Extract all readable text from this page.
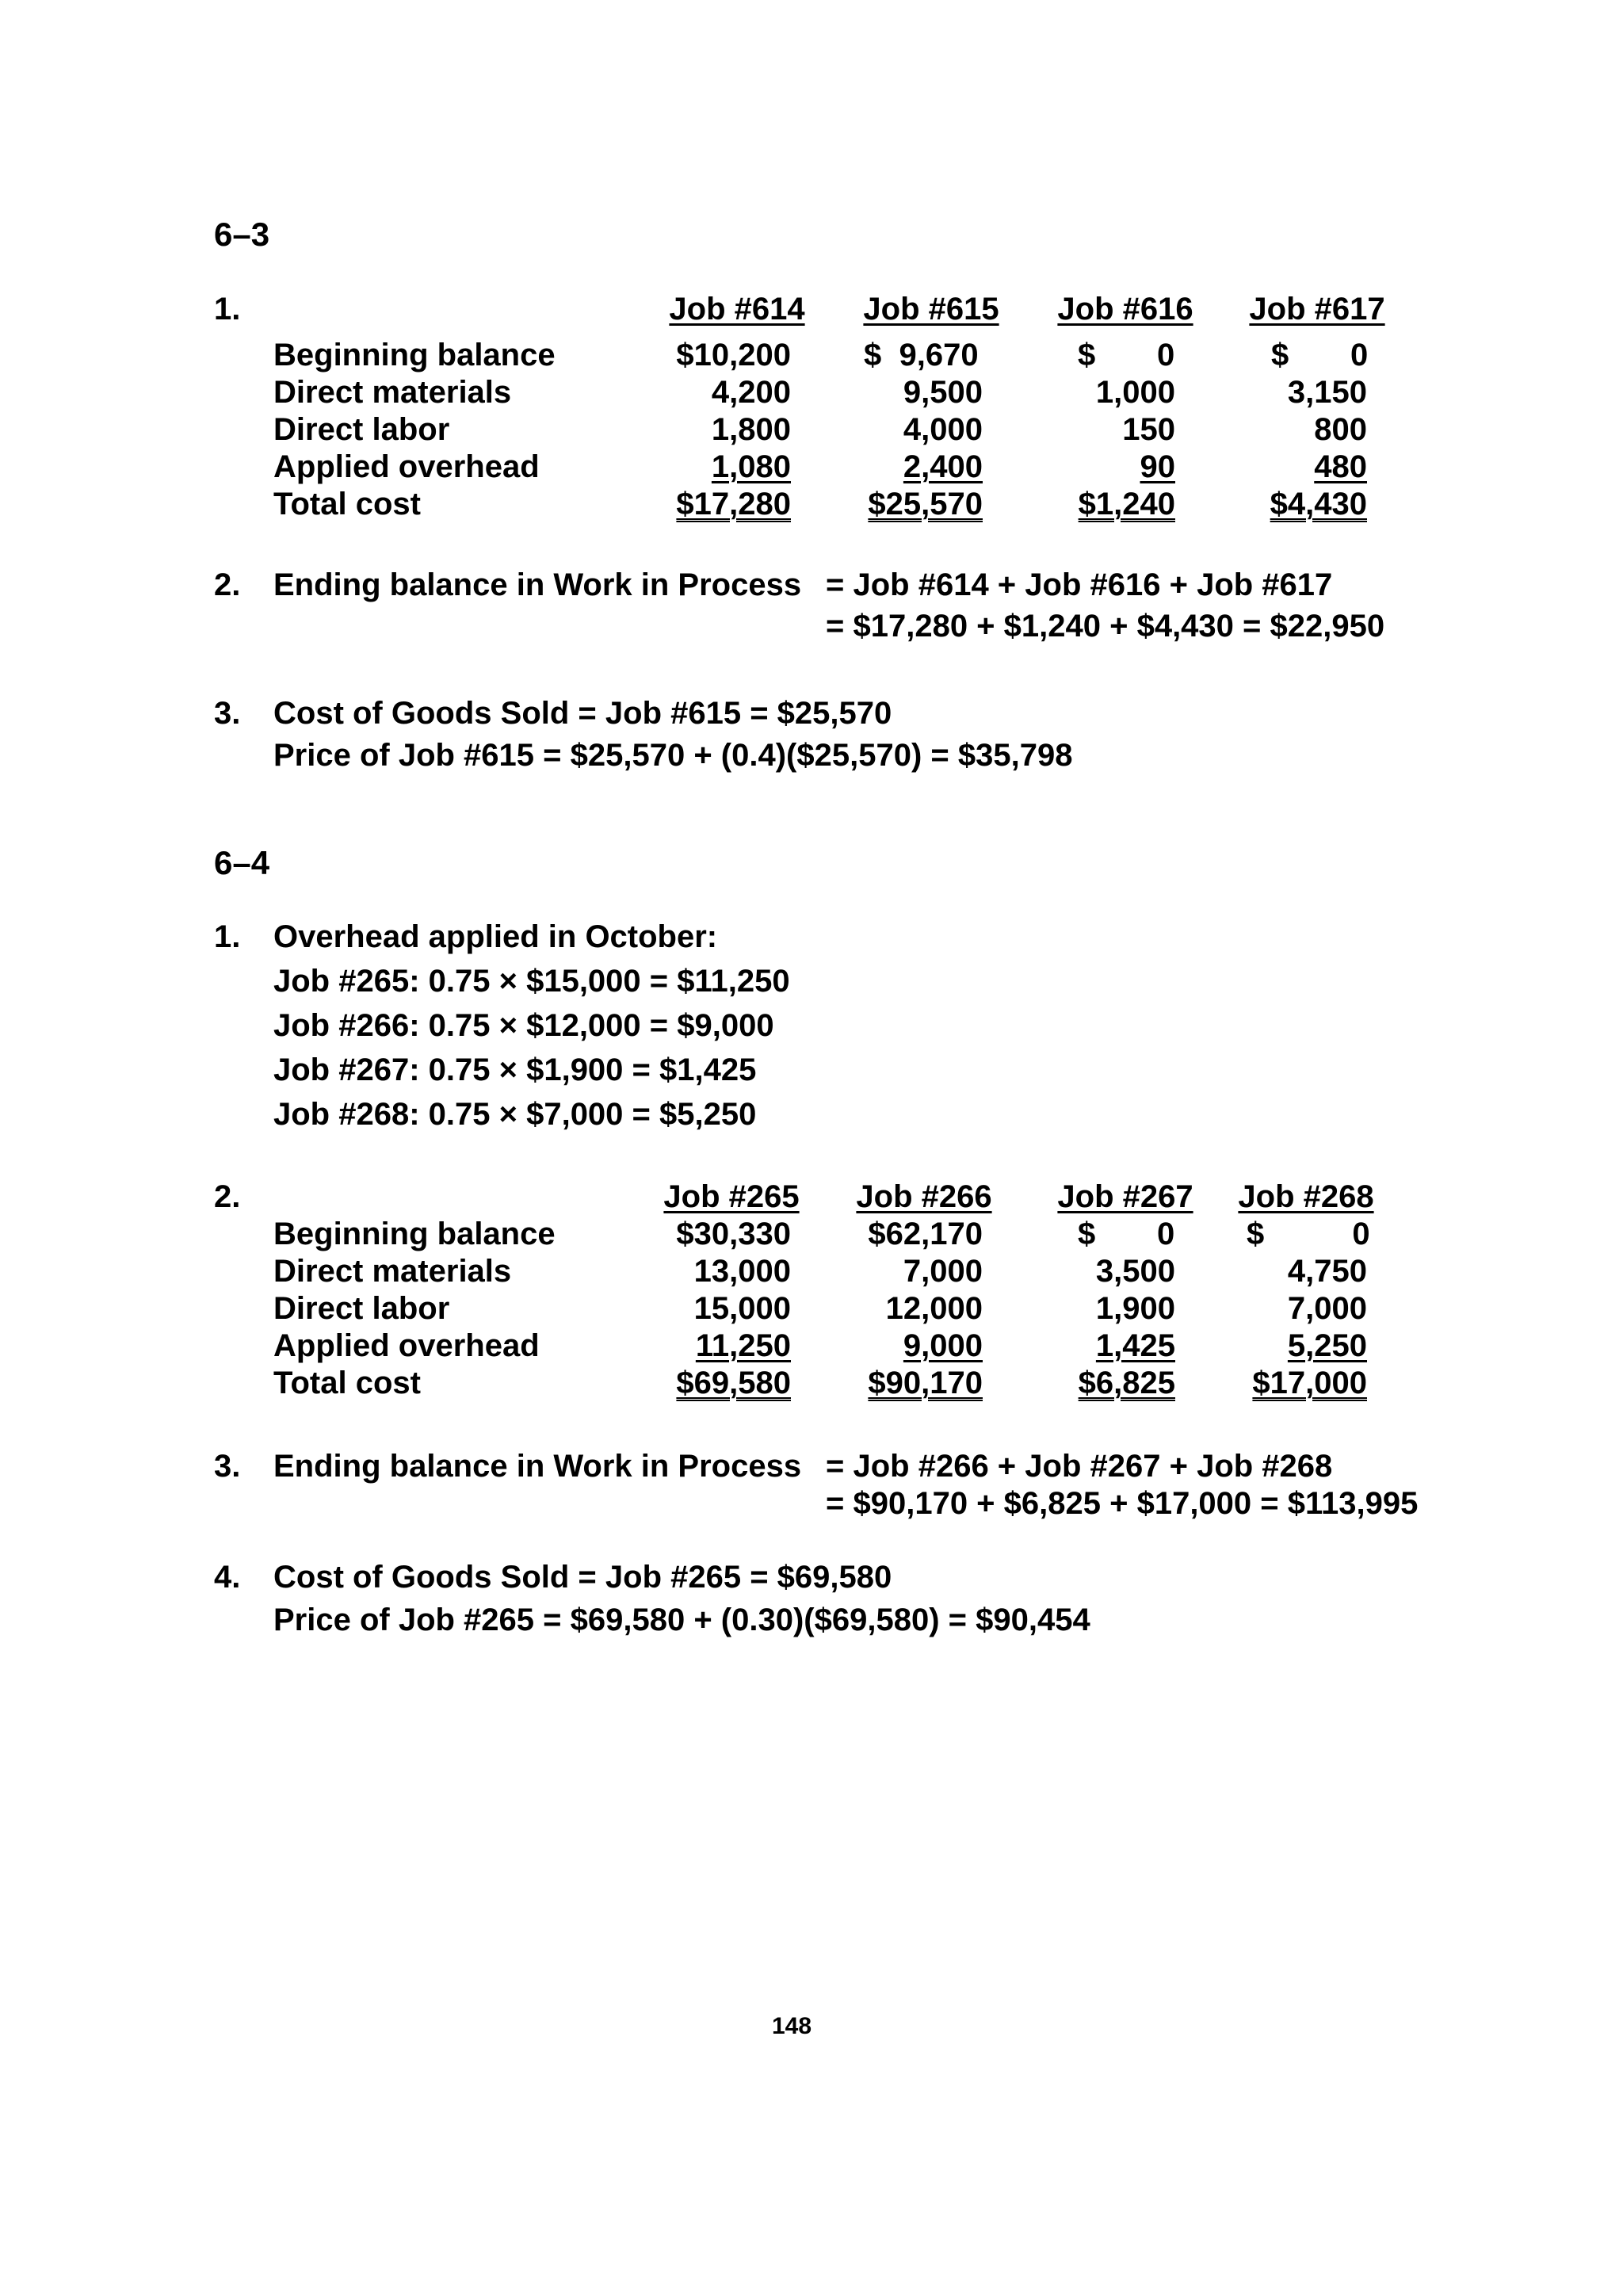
6–3
1.	Job #614 Job #615 Job #616 Job #617
Beginning balance	$10,200 $  9,670	$       0	$       0
Direct materials	4,200	9,500	1,000	3,150
Direct labor	1,800	4,000	150	800
Applied overhead	1,080	2,400	90	480
Total cost	$17,280	$25,570	$1,240	$4,430
2. Ending balance in Work in Process = Job #614 + Job #616 + Job #617
= $17,280 + $1,240 + $4,430 = $22,950
3. Cost of Goods Sold = Job #615 = $25,570
Price of Job #615 = $25,570 + (0.4)($25,570) = $35,798
6–4
1. Overhead applied in October:
Job #265: 0.75 × $15,000 = $11,250
Job #266: 0.75 × $12,000 = $9,000
Job #267: 0.75 × $1,900 = $1,425
Job #268: 0.75 × $7,000 = $5,250
2.	Job #265 Job #266 Job #267 Job #268
Beginning balance	$30,330	$62,170	$       0 $          0
Direct materials	13,000	7,000	3,500	4,750
Direct labor	15,000	12,000	1,900	7,000
Applied overhead	11,250	9,000	1,425	5,250
Total cost	$69,580	$90,170	$6,825	$17,000
3. Ending balance in Work in Process = Job #266 + Job #267 + Job #268
= $90,170 + $6,825 + $17,000 = $113,995
4. Cost of Goods Sold = Job #265 = $69,580
Price of Job #265 = $69,580 + (0.30)($69,580) = $90,454
148
